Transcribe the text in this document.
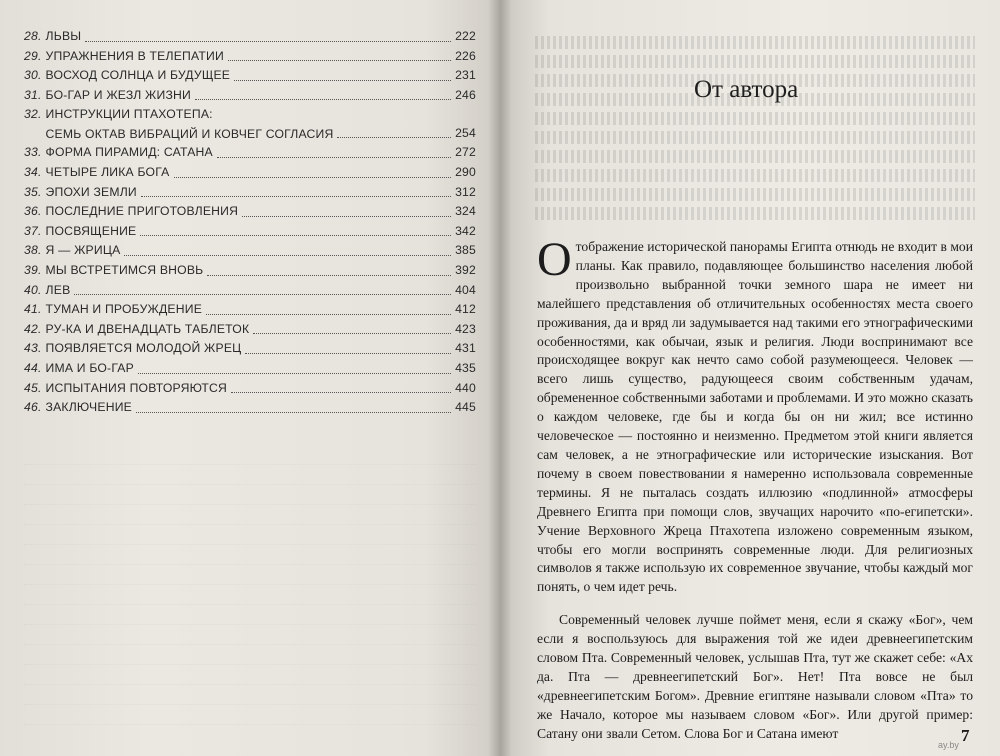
28. ЛЬВЫ	222
29. УПРАЖНЕНИЯ В ТЕЛЕПАТИИ	226
30. ВОСХОД СОЛНЦА И БУДУЩЕЕ	231
31. БО-ГАР И ЖЕЗЛ ЖИЗНИ	246
32. ИНСТРУКЦИИ ПТАХОТЕПА:
СЕМЬ ОКТАВ ВИБРАЦИЙ И КОВЧЕГ СОГЛАСИЯ	254
33. ФОРМА ПИРАМИД: САТАНА	272
34. ЧЕТЫРЕ ЛИКА БОГА	290
35. ЭПОХИ ЗЕМЛИ	312
36. ПОСЛЕДНИЕ ПРИГОТОВЛЕНИЯ	324
37. ПОСВЯЩЕНИЕ	342
38. Я — ЖРИЦА	385
39. МЫ ВСТРЕТИМСЯ ВНОВЬ	392
40. ЛЕВ	404
41. ТУМАН И ПРОБУЖДЕНИЕ	412
42. РУ-КА И ДВЕНАДЦАТЬ ТАБЛЕТОК	423
43. ПОЯВЛЯЕТСЯ МОЛОДОЙ ЖРЕЦ	431
44. ИМА И БО-ГАР	435
45. ИСПЫТАНИЯ ПОВТОРЯЮТСЯ	440
46. ЗАКЛЮЧЕНИЕ	445
От автора

Отображение исторической панорамы Египта отнюдь не входит в мои планы. Как правило, подавляющее большинство населения любой произвольно выбранной точки земного шара не имеет ни малейшего представления об отличительных особенностях места своего проживания, да и вряд ли задумывается над такими его этнографическими особенностями, как обычаи, язык и религия. Люди воспринимают все происходящее вокруг как нечто само собой разумеющееся. Человек — всего лишь существо, радующееся своим собственным удачам, обремененное собственными заботами и проблемами. И это можно сказать о каждом человеке, где бы и когда бы он ни жил; все истинно человеческое — постоянно и неизменно. Предметом этой книги является сам человек, а не этнографические или исторические изыскания. Вот почему в своем повествовании я намеренно использовала современные термины. Я не пыталась создать иллюзию «подлинной» атмосферы Древнего Египта при помощи слов, звучащих нарочито «по-египетски». Учение Верховного Жреца Птахотепа изложено современным языком, чтобы его могли воспринять современные люди. Для религиозных символов я также использую их современное звучание, чтобы каждый мог понять, о чем идет речь.

Современный человек лучше поймет меня, если я скажу «Бог», чем если я воспользуюсь для выражения той же идеи древнеегипетским словом Пта. Современный человек, услышав Пта, тут же скажет себе: «Ах да. Пта — древнеегипетский Бог». Нет! Пта вовсе не был «древнеегипетским Богом». Древние египтяне называли словом «Пта» то же Начало, которое мы называем словом «Бог». Или другой пример: Сатану они звали Сетом. Слова Бог и Сатана имеют	7
ay.by
